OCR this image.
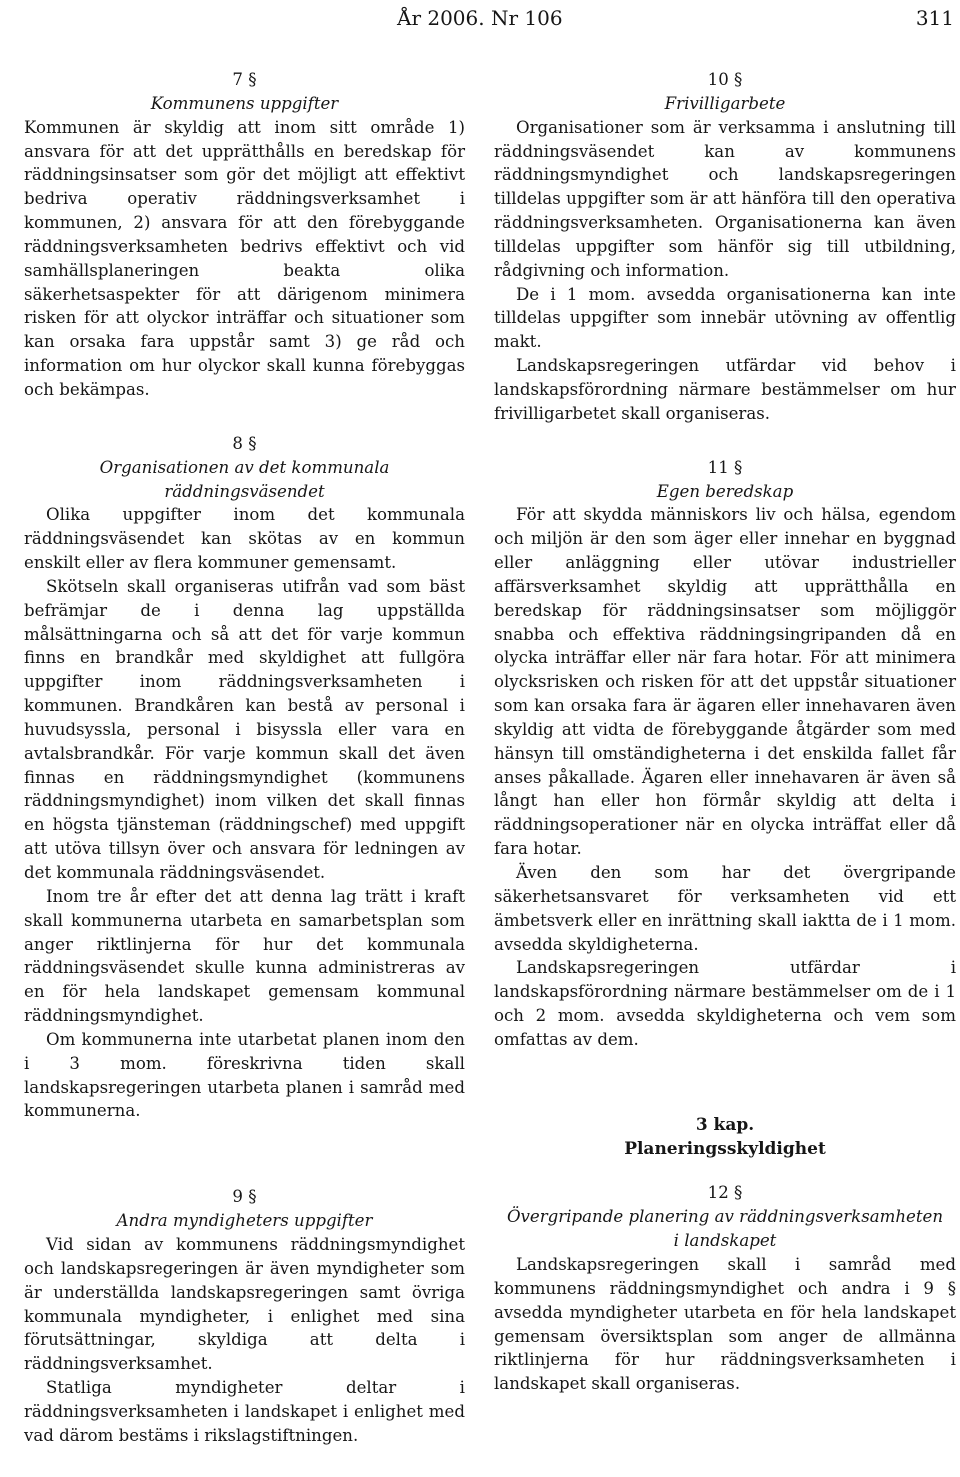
År 2006. Nr 106	311
7 §
Kommunens uppgifter

Kommunen är skyldig att inom sitt område 1) ansvara för att det upprätthålls en beredskap för räddningsinsatser som gör det möjligt att effektivt bedriva operativ räddningsverksamhet i kommunen, 2) ansvara för att den förebyggande räddningsverksamheten bedrivs effektivt och vid samhällsplaneringen beakta olika säkerhetsaspekter för att därigenom minimera risken för att olyckor inträffar och situationer som kan orsaka fara uppstår samt 3) ge råd och information om hur olyckor skall kunna förebyggas och bekämpas.

8 §
Organisationen av det kommunala räddningsväsendet

Olika uppgifter inom det kommunala räddningsväsendet kan skötas av en kommun enskilt eller av flera kommuner gemensamt.

Skötseln skall organiseras utifrån vad som bäst befrämjar de i denna lag uppställda målsättningarna och så att det för varje kommun finns en brandkår med skyldighet att fullgöra uppgifter inom räddningsverksamheten i kommunen. Brandkåren kan bestå av personal i huvudsyssla, personal i bisyssla eller vara en avtalsbrandkår. För varje kommun skall det även finnas en räddningsmyndighet (kommunens räddningsmyndighet) inom vilken det skall finnas en högsta tjänsteman (räddningschef) med uppgift att utöva tillsyn över och ansvara för ledningen av det kommunala räddningsväsendet.

Inom tre år efter det att denna lag trätt i kraft skall kommunerna utarbeta en samarbetsplan som anger riktlinjerna för hur det kommunala räddningsväsendet skulle kunna administreras av en för hela landskapet gemensam kommunal räddningsmyndighet.

Om kommunerna inte utarbetat planen inom den i 3 mom. föreskrivna tiden skall landskapsregeringen utarbeta planen i samråd med kommunerna.

9 §
Andra myndigheters uppgifter

Vid sidan av kommunens räddningsmyndighet och landskapsregeringen är även myndigheter som är underställda landskapsregeringen samt övriga kommunala myndigheter, i enlighet med sina förutsättningar, skyldiga att delta i räddningsverksamhet.

Statliga myndigheter deltar i räddningsverksamheten i landskapet i enlighet med vad därom bestäms i rikslagstiftningen.

10 §
Frivilligarbete

Organisationer som är verksamma i anslutning till räddningsväsendet kan av kommunens räddningsmyndighet och landskapsregeringen tilldelas uppgifter som är att hänföra till den operativa räddningsverksamheten. Organisationerna kan även tilldelas uppgifter som hänför sig till utbildning, rådgivning och information.

De i 1 mom. avsedda organisationerna kan inte tilldelas uppgifter som innebär utövning av offentlig makt.

Landskapsregeringen utfärdar vid behov i landskapsförordning närmare bestämmelser om hur frivilligarbetet skall organiseras.

11 §
Egen beredskap

För att skydda människors liv och hälsa, egendom och miljön är den som äger eller innehar en byggnad eller anläggning eller utövar industrieller affärsverksamhet skyldig att upprätthålla en beredskap för räddningsinsatser som möjliggör snabba och effektiva räddningsingripanden då en olycka inträffar eller när fara hotar. För att minimera olycksrisken och risken för att det uppstår situationer som kan orsaka fara är ägaren eller innehavaren även skyldig att vidta de förebyggande åtgärder som med hänsyn till omständigheterna i det enskilda fallet får anses påkallade. Ägaren eller innehavaren är även så långt han eller hon förmår skyldig att delta i räddningsoperationer när en olycka inträffat eller då fara hotar.

Även den som har det övergripande säkerhetsansvaret för verksamheten vid ett ämbetsverk eller en inrättning skall iaktta de i 1 mom. avsedda skyldigheterna.

Landskapsregeringen utfärdar i landskapsförordning närmare bestämmelser om de i 1 och 2 mom. avsedda skyldigheterna och vem som omfattas av dem.

3 kap.
Planeringsskyldighet
12 §
Övergripande planering av räddningsverksamheten i landskapet

Landskapsregeringen skall i samråd med kommunens räddningsmyndighet och andra i 9 § avsedda myndigheter utarbeta en för hela landskapet gemensam översiktsplan som anger de allmänna riktlinjerna för hur räddningsverksamheten i landskapet skall organiseras.
